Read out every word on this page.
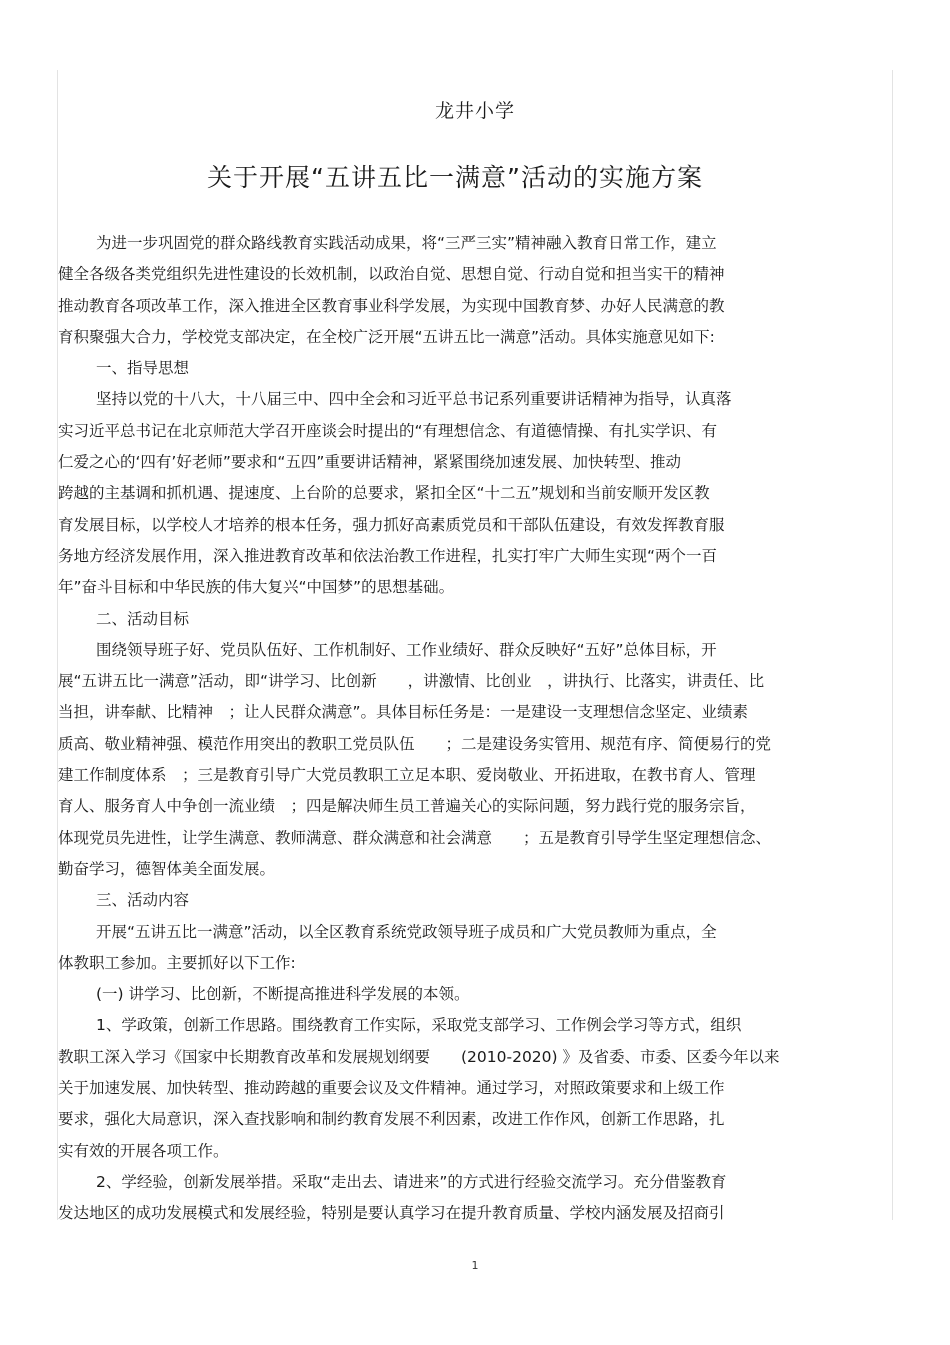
龙井小学
关于开展“五讲五比一满意”活动的实施方案
为进一步巩固党的群众路线教育实践活动成果，将“三严三实”精神融入教育日常工作，建立
健全各级各类党组织先进性建设的长效机制，以政治自觉、思想自觉、行动自觉和担当实干的精神
推动教育各项改革工作，深入推进全区教育事业科学发展，为实现中国教育梦、办好人民满意的教
育积聚强大合力，学校党支部决定，在全校广泛开展“五讲五比一满意”活动。具体实施意见如下:
一、指导思想
坚持以党的十八大，十八届三中、四中全会和习近平总书记系列重要讲话精神为指导，认真落
实习近平总书记在北京师范大学召开座谈会时提出的“有理想信念、有道德情操、有扎实学识、有
仁爱之心的‘四有’好老师”要求和“五四”重要讲话精神，紧紧围绕加速发展、加快转型、推动
跨越的主基调和抓机遇、提速度、上台阶的总要求，紧扣全区“十二五”规划和当前安顺开发区教
育发展目标，以学校人才培养的根本任务，强力抓好高素质党员和干部队伍建设，有效发挥教育服
务地方经济发展作用，深入推进教育改革和依法治教工作进程，扎实打牢广大师生实现“两个一百
年”奋斗目标和中华民族的伟大复兴“中国梦”的思想基础。
二、活动目标
围绕领导班子好、党员队伍好、工作机制好、工作业绩好、群众反映好“五好”总体目标，开
展“五讲五比一满意”活动，即“讲学习、比创新　　，讲激情、比创业　，讲执行、比落实，讲责任、比
当担，讲奉献、比精神　；让人民群众满意”。具体目标任务是：一是建设一支理想信念坚定、业绩素
质高、敬业精神强、模范作用突出的教职工党员队伍　　；二是建设务实管用、规范有序、简便易行的党
建工作制度体系　；三是教育引导广大党员教职工立足本职、爱岗敬业、开拓进取，在教书育人、管理
育人、服务育人中争创一流业绩　；四是解决师生员工普遍关心的实际问题，努力践行党的服务宗旨，
体现党员先进性，让学生满意、教师满意、群众满意和社会满意　　；五是教育引导学生坚定理想信念、
勤奋学习，德智体美全面发展。
三、活动内容
开展“五讲五比一满意”活动，以全区教育系统党政领导班子成员和广大党员教师为重点，全
体教职工参加。主要抓好以下工作:
(一) 讲学习、比创新，不断提高推进科学发展的本领。
1、学政策，创新工作思路。围绕教育工作实际，采取党支部学习、工作例会学习等方式，组织
教职工深入学习《国家中长期教育改革和发展规划纲要　　(2010-2020) 》及省委、市委、区委今年以来
关于加速发展、加快转型、推动跨越的重要会议及文件精神。通过学习，对照政策要求和上级工作
要求，强化大局意识，深入查找影响和制约教育发展不利因素，改进工作作风，创新工作思路，扎
实有效的开展各项工作。
2、学经验，创新发展举措。采取“走出去、请进来”的方式进行经验交流学习。充分借鉴教育
发达地区的成功发展模式和发展经验，特别是要认真学习在提升教育质量、学校内涵发展及招商引
1
